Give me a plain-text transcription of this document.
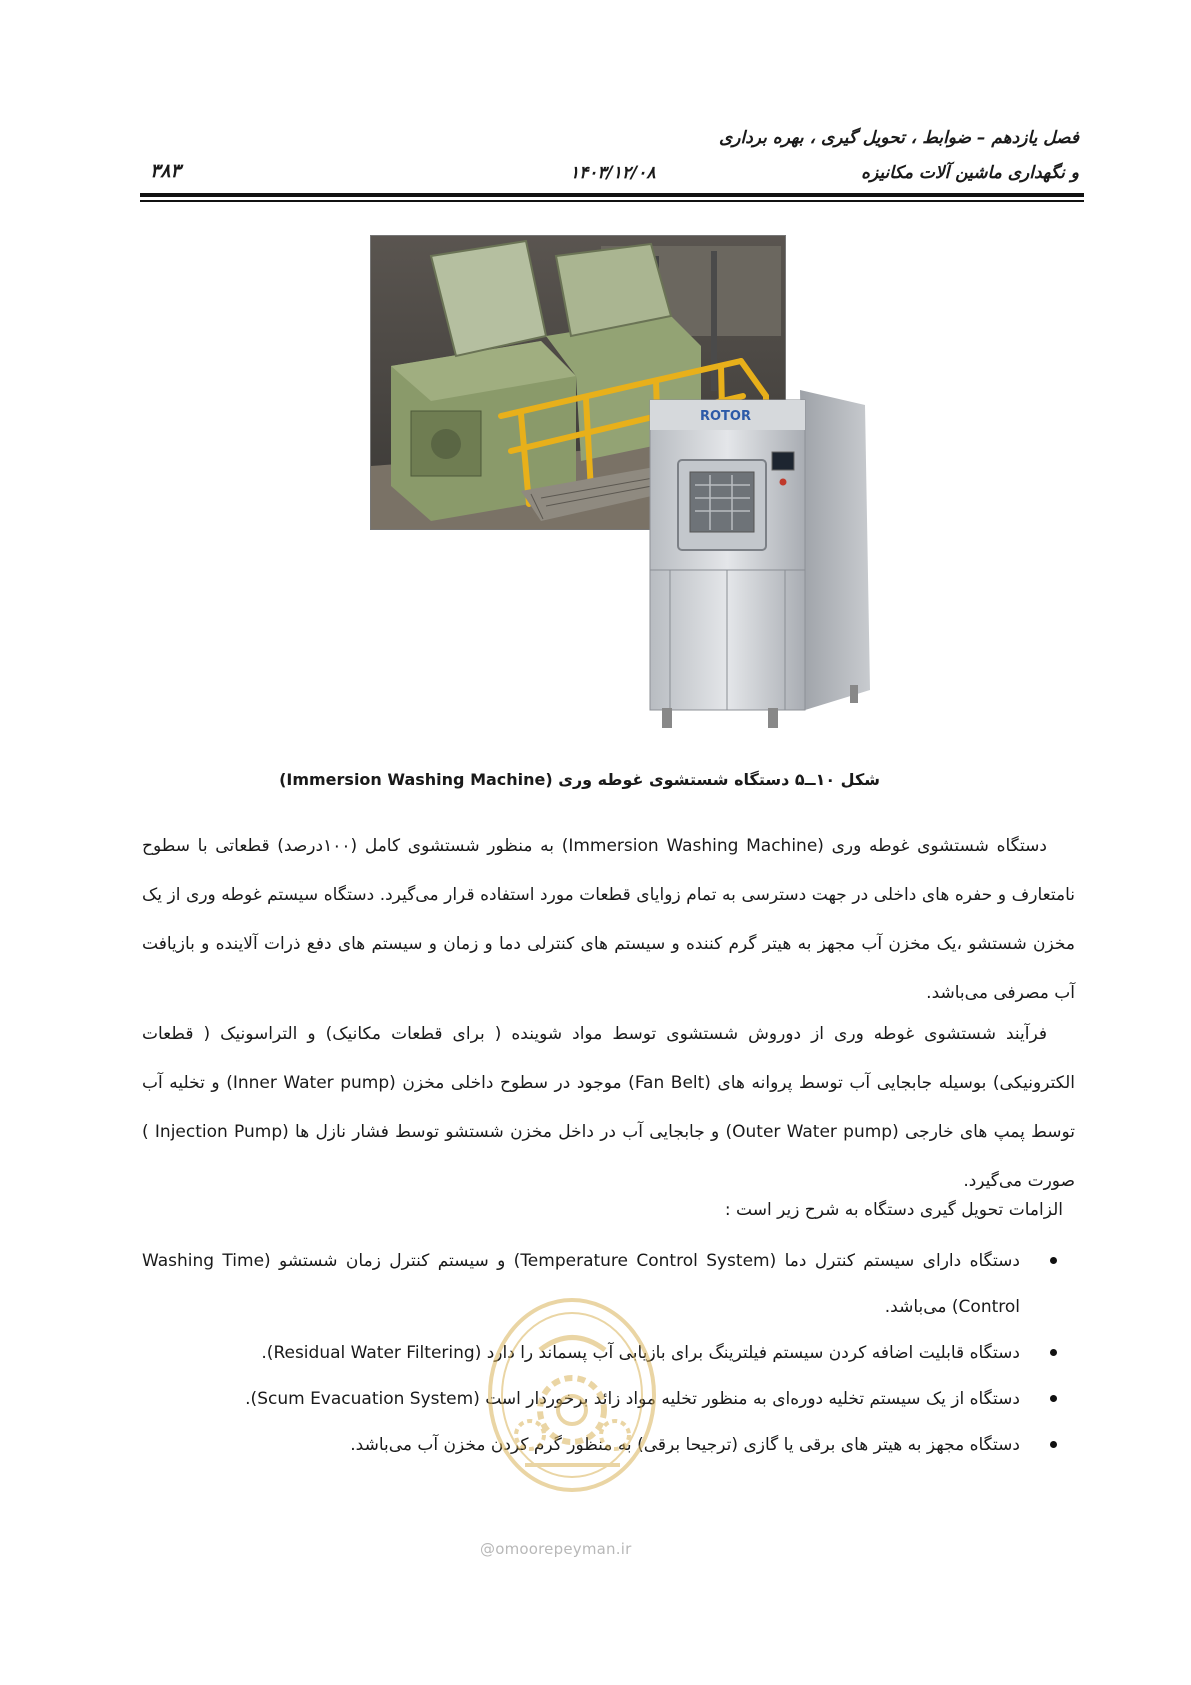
فصل یازدهم – ضوابط ، تحویل گیری ، بهره برداری
و نگهداری ماشین آلات مکانیزه
۱۴۰۳/۱۲/۰۸
۳۸۳
ROTOR
شکل ۱۰ــ۵ دستگاه شستشوی غوطه وری (Immersion Washing Machine)
دستگاه شستشوی غوطه وری (Immersion Washing Machine) به منظور شستشوی کامل (۱۰۰درصد) قطعاتی با سطوح نامتعارف و حفره های داخلی در جهت دسترسی به تمام زوایای قطعات مورد استفاده قرار می‌گیرد. دستگاه سیستم غوطه وری از یک مخزن شستشو ،یک مخزن آب مجهز به هیتر گرم کننده و سیستم های کنترلی دما و زمان و سیستم های دفع ذرات آلاینده و بازیافت آب مصرفی می‌باشد.
فرآیند شستشوی غوطه وری از دوروش شستشوی توسط مواد شوینده ( برای قطعات مکانیک) و التراسونیک ( قطعات الکترونیکی) بوسیله جابجایی آب توسط پروانه های (Fan Belt) موجود در سطوح داخلی مخزن (Inner Water pump) و تخلیه آب توسط پمپ های خارجی (Outer Water pump) و جابجایی آب در داخل مخزن شستشو توسط فشار نازل ها (Injection Pump ) صورت می‌گیرد.
الزامات تحویل گیری دستگاه به شرح زیر است :
دستگاه دارای سیستم کنترل دما (Temperature Control System) و سیستم کنترل زمان شستشو (Washing Time Control) می‌باشد.
دستگاه قابلیت اضافه کردن سیستم فیلترینگ برای بازیابی آب پسماند را دارد (Residual Water Filtering).
دستگاه از یک سیستم تخلیه دوره‌ای به منظور تخلیه مواد زائد برخوردار است (Scum Evacuation System).
دستگاه مجهز به هیتر های برقی یا گازی (ترجیحا برقی) به منظور گرم کردن مخزن آب می‌باشد.
@omoorepeyman.ir
